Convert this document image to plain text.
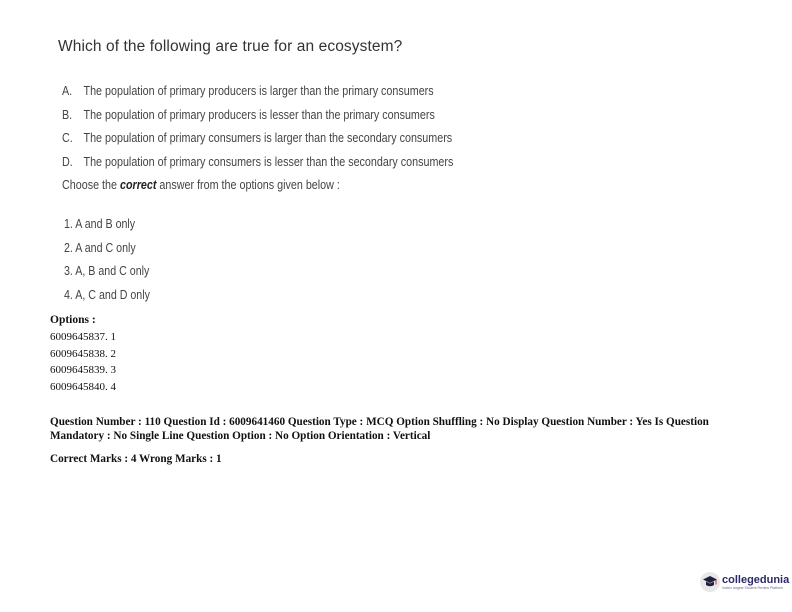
Which of the following are true for an ecosystem?
A. The population of primary producers is larger than the primary consumers
B. The population of primary producers is lesser than the primary consumers
C. The population of primary consumers is larger than the secondary consumers
D. The population of primary consumers is lesser than the secondary consumers
Choose the correct answer from the options given below :
1. A and B only
2. A and C only
3. A, B and C only
4. A, C and D only
Options :
6009645837. 1
6009645838. 2
6009645839. 3
6009645840. 4
Question Number : 110 Question Id : 6009641460 Question Type : MCQ Option Shuffling : No Display Question Number : Yes Is Question Mandatory : No Single Line Question Option : No Option Orientation : Vertical
Correct Marks : 4 Wrong Marks : 1
collegedunia
India's largest Student Review Platform
